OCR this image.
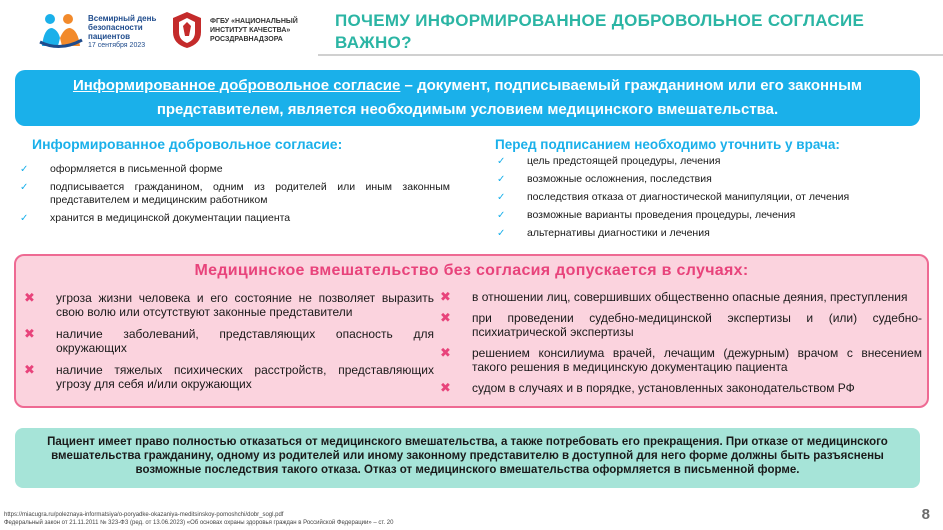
Всемирный день
безопасности
пациентов
17 сентября 2023
ФГБУ «НАЦИОНАЛЬНЫЙ
ИНСТИТУТ КАЧЕСТВА»
РОСЗДРАВНАДЗОРА
ПОЧЕМУ ИНФОРМИРОВАННОЕ ДОБРОВОЛЬНОЕ СОГЛАСИЕ
ВАЖНО?
Информированное добровольное согласие – документ, подписываемый гражданином или его законным представителем, является необходимым условием медицинского вмешательства.
Информированное добровольное согласие:
✓ оформляется в письменной форме
✓ подписывается гражданином, одним из родителей или иным законным представителем и медицинским работником
✓ хранится в медицинской документации пациента
Перед подписанием необходимо уточнить у врача:
✓ цель предстоящей процедуры, лечения
✓ возможные осложнения, последствия
✓ последствия отказа от диагностической манипуляции, от лечения
✓ возможные варианты проведения процедуры, лечения
✓ альтернативы диагностики и лечения
Медицинское вмешательство без согласия допускается в случаях:
✖ угроза жизни человека и его состояние не позволяет выразить свою волю или отсутствуют законные представители
✖ наличие заболеваний, представляющих опасность для окружающих
✖ наличие тяжелых психических расстройств, представляющих угрозу для себя и/или окружающих
✖ в отношении лиц, совершивших общественно опасные деяния, преступления
✖ при проведении судебно-медицинской экспертизы и (или) судебно-психиатрической экспертизы
✖ решением консилиума врачей, лечащим (дежурным) врачом с внесением такого решения в медицинскую документацию пациента
✖ судом в случаях и в порядке, установленных законодательством РФ
Пациент имеет право полностью отказаться от медицинского вмешательства, а также потребовать его прекращения. При отказе от медицинского вмешательства гражданину, одному из родителей или иному законному представителю в доступной для него форме должны быть разъяснены возможные последствия такого отказа. Отказ от медицинского вмешательства оформляется в письменной форме.
https://miacugra.ru/poleznaya-informatsiya/o-poryadke-okazaniya-meditsinskoy-pomoshchi/dobr_sogl.pdf
Федеральный закон от 21.11.2011 № 323-ФЗ (ред. от 13.06.2023) «Об основах охраны здоровья граждан в Российской Федерации» – ст. 20	8
